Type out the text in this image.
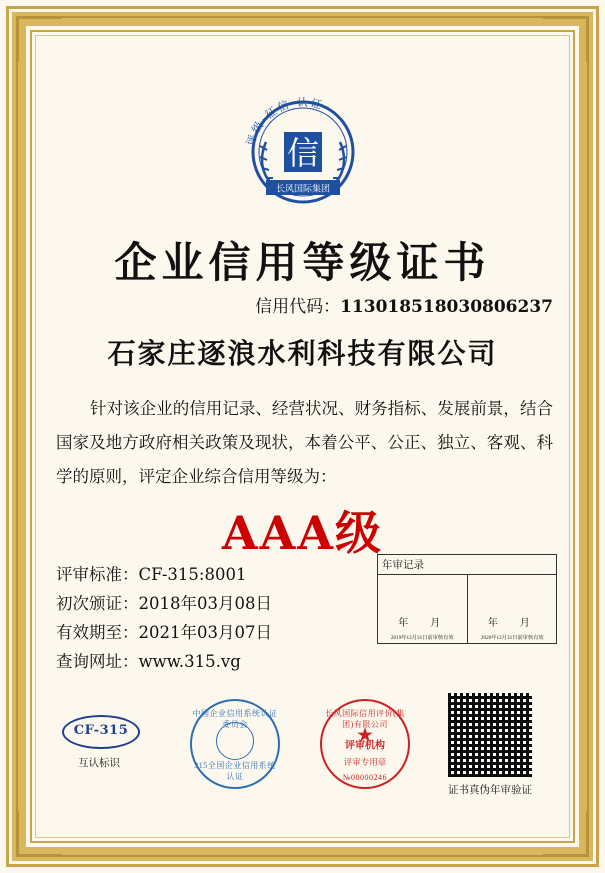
评级·征信·认证
信
长风国际集团
企业信用等级证书
信用代码：113018518030806237
石家庄逐浪水利科技有限公司
针对该企业的信用记录、经营状况、财务指标、发展前景，结合国家及地方政府相关政策及现状，本着公平、公正、独立、客观、科学的原则，评定企业综合信用等级为：
AAA级
评审标准：CF-315:8001
初次颁证：2018年03月08日
有效期至：2021年03月07日
查询网址：www.315.vg
年审记录
年　月
2019年12月31日前审核有效
年　月
2020年12月31日前审核有效
CF-315
互认标识
中国企业信用系统认证委员会
315全国企业信用系统认证
长风国际信用评价(集团)有限公司
★
评审机构
评审专用章
№00000246
证书真伪年审验证
